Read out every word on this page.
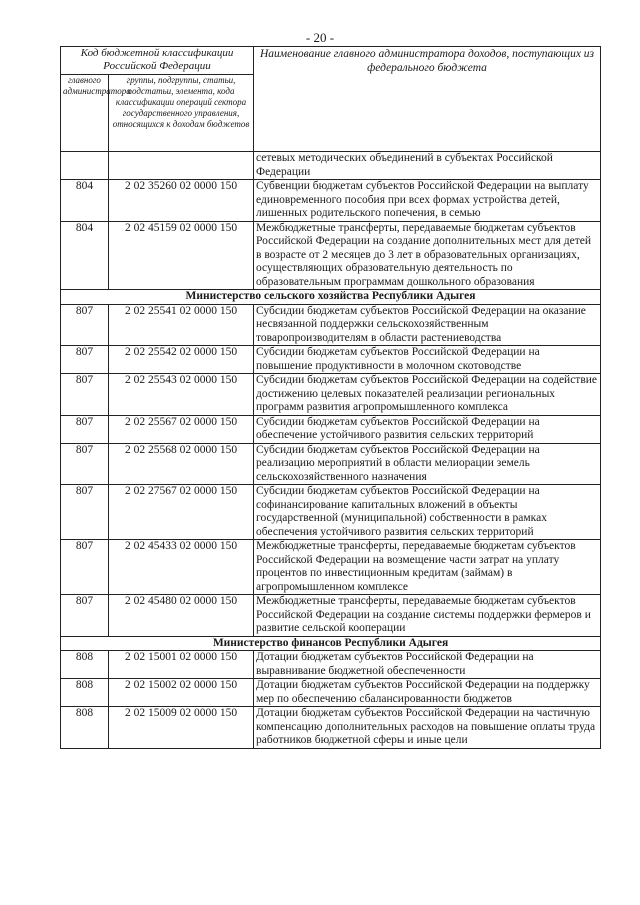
- 20 -
Код бюджетной классификации Российской Федерации		Наименование главного администратора доходов, поступающих из федерального бюджета
главного администратора	группы, подгруппы, статьи, подстатьи, элемента, кода классификации операций сектора государственного управления, относящихся к доходам бюджетов	
		сетевых методических объединений в субъектах Российской Федерации
804	2 02 35260 02 0000 150	Субвенции бюджетам субъектов Российской Федерации на выплату единовременного пособия при всех формах устройства детей, лишенных родительского попечения, в семью
804	2 02 45159 02 0000 150	Межбюджетные трансферты, передаваемые бюджетам субъектов Российской Федерации на создание дополнительных мест для детей в возрасте от 2 месяцев до 3 лет в образовательных организациях, осуществляющих образовательную деятельность по образовательным программам дошкольного образования
Министерство сельского хозяйства Республики Адыгея		
807	2 02 25541 02 0000 150	Субсидии бюджетам субъектов Российской Федерации на оказание несвязанной поддержки сельскохозяйственным товаропроизводителям в области растениеводства
807	2 02 25542 02 0000 150	Субсидии бюджетам субъектов Российской Федерации на повышение продуктивности в молочном скотоводстве
807	2 02 25543 02 0000 150	Субсидии бюджетам субъектов Российской Федерации на содействие достижению целевых показателей реализации региональных программ развития агропромышленного комплекса
807	2 02 25567 02 0000 150	Субсидии бюджетам субъектов Российской Федерации на обеспечение устойчивого развития сельских территорий
807	2 02 25568 02 0000 150	Субсидии бюджетам субъектов Российской Федерации на реализацию мероприятий в области мелиорации земель сельскохозяйственного назначения
807	2 02 27567 02 0000 150	Субсидии бюджетам субъектов Российской Федерации на софинансирование капитальных вложений в объекты государственной (муниципальной) собственности в рамках обеспечения устойчивого развития сельских территорий
807	2 02 45433 02 0000 150	Межбюджетные трансферты, передаваемые бюджетам субъектов Российской Федерации на возмещение части затрат на уплату процентов по инвестиционным кредитам (займам) в агропромышленном комплексе
807	2 02 45480 02 0000 150	Межбюджетные трансферты, передаваемые бюджетам субъектов Российской Федерации на создание системы поддержки фермеров и развитие сельской кооперации
Министерство финансов Республики Адыгея		
808	2 02 15001 02 0000 150	Дотации бюджетам субъектов Российской Федерации на выравнивание бюджетной обеспеченности
808	2 02 15002 02 0000 150	Дотации бюджетам субъектов Российской Федерации на поддержку мер по обеспечению сбалансированности бюджетов
808	2 02 15009 02 0000 150	Дотации бюджетам субъектов Российской Федерации на частичную компенсацию дополнительных расходов на повышение оплаты труда работников бюджетной сферы и иные цели
